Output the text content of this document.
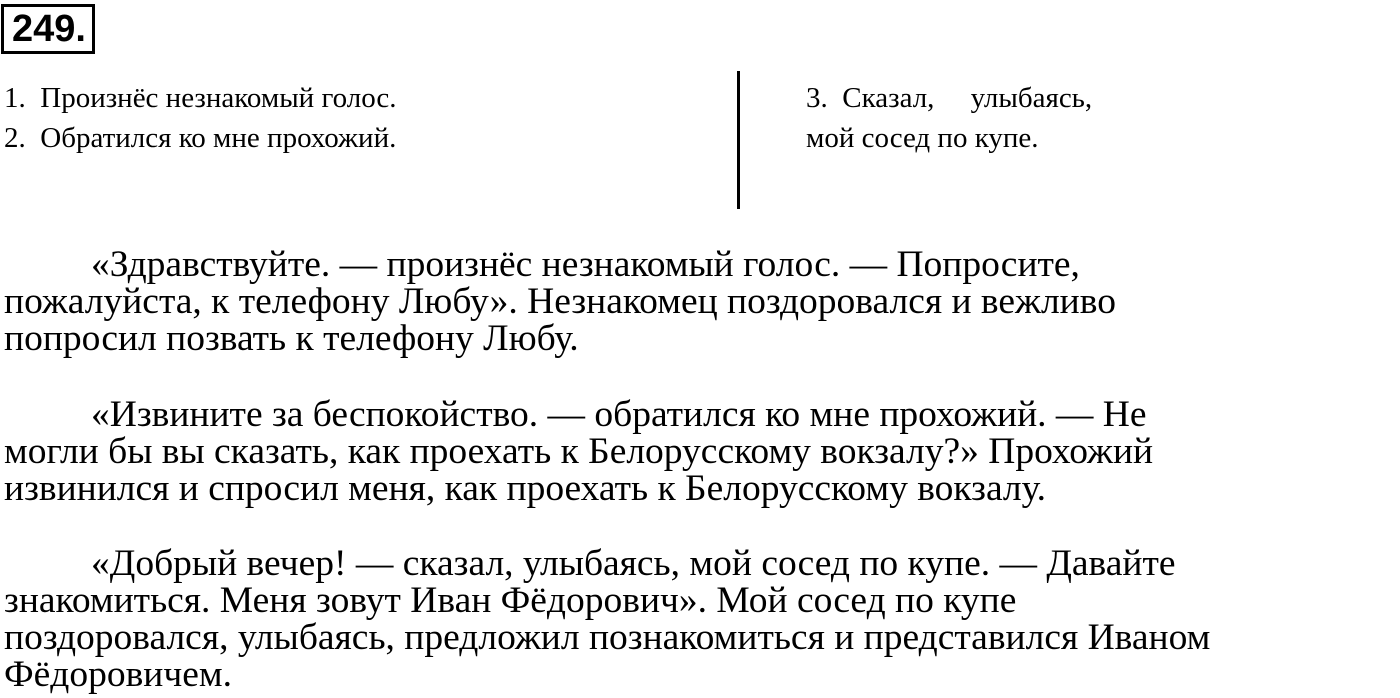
249.
1.  Произнёс незнакомый голос.
2.  Обратился ко мне прохожий.
3.  Сказал,     улыбаясь,
мой сосед по купе.

«Здравствуйте. — произнёс незнакомый голос. — Попросите,
пожалуйста, к телефону Любу». Незнакомец поздоровался и вежливо
попросил позвать к телефону Любу.

«Извините за беспокойство. — обратился ко мне прохожий. — Не
могли бы вы сказать, как проехать к Белорусскому вокзалу?» Прохожий
извинился и спросил меня, как проехать к Белорусскому вокзалу.

«Добрый вечер! — сказал, улыбаясь, мой сосед по купе. — Давайте
знакомиться. Меня зовут Иван Фёдорович». Мой сосед по купе
поздоровался, улыбаясь, предложил познакомиться и представился Иваном
Фёдоровичем.
